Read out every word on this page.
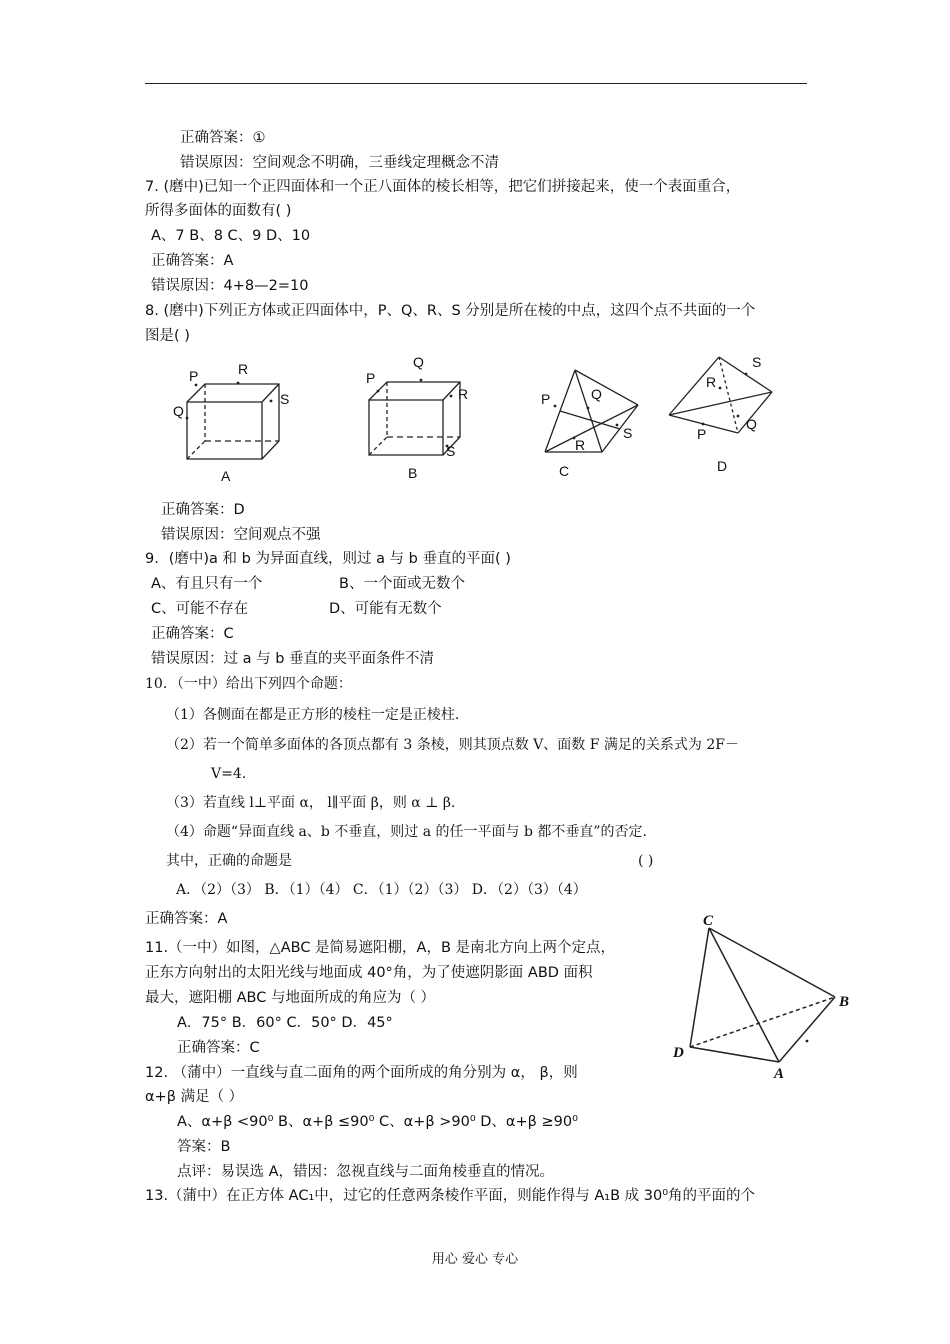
正确答案：①
错误原因：空间观念不明确，三垂线定理概念不清
7. (磨中)已知一个正四面体和一个正八面体的棱长相等，把它们拼接起来，使一个表面重合，
所得多面体的面数有( )
A、7 B、8 C、9 D、10
正确答案：A
错误原因：4+8—2=10
8. (磨中)下列正方体或正四面体中，P、Q、R、S 分别是所在棱的中点，这四个点不共面的一个
图是( )
P	R
Q
S
A
P
Q
R
S
B
P	Q
R
S
C
R
S
P
Q
D
C
B
D
A
正确答案：D
错误原因：空间观点不强
9．(磨中)a 和 b 为异面直线，则过 a 与 b 垂直的平面( )
A、有且只有一个	B、一个面或无数个
C、可能不存在	D、可能有无数个
正确答案：C
错误原因：过 a 与 b 垂直的夹平面条件不清
10．（一中）给出下列四个命题：
（1）各侧面在都是正方形的棱柱一定是正棱柱.
（2）若一个简单多面体的各顶点都有 3 条棱，则其顶点数 V、面数 F 满足的关系式为 2F－
V=4.
（3）若直线 l⊥平面 α， l∥平面 β，则 α ⊥ β.
（4）命题“异面直线 a、b 不垂直，则过 a 的任一平面与 b 都不垂直”的否定.
其中，正确的命题是	( )
A．（2）（3） B．（1）（4） C．（1）（2）（3） D．（2）（3）（4）
正确答案：A
11.（一中）如图，△ABC 是简易遮阳棚，A，B 是南北方向上两个定点，
正东方向射出的太阳光线与地面成 40°角，为了使遮阴影面 ABD 面积
最大，遮阳棚 ABC 与地面所成的角应为（ ）
A．75° B．60° C．50° D．45°
正确答案：C
12. （蒲中）一直线与直二面角的两个面所成的角分别为 α， β，则
α+β 满足（ ）
A、α+β <90⁰ B、α+β ≤90⁰ C、α+β >90⁰ D、α+β ≥90⁰
答案：B
点评：易误选 A，错因：忽视直线与二面角棱垂直的情况。
13.（蒲中）在正方体 AC₁中，过它的任意两条棱作平面，则能作得与 A₁B 成 30⁰角的平面的个
用心 爱心 专心
